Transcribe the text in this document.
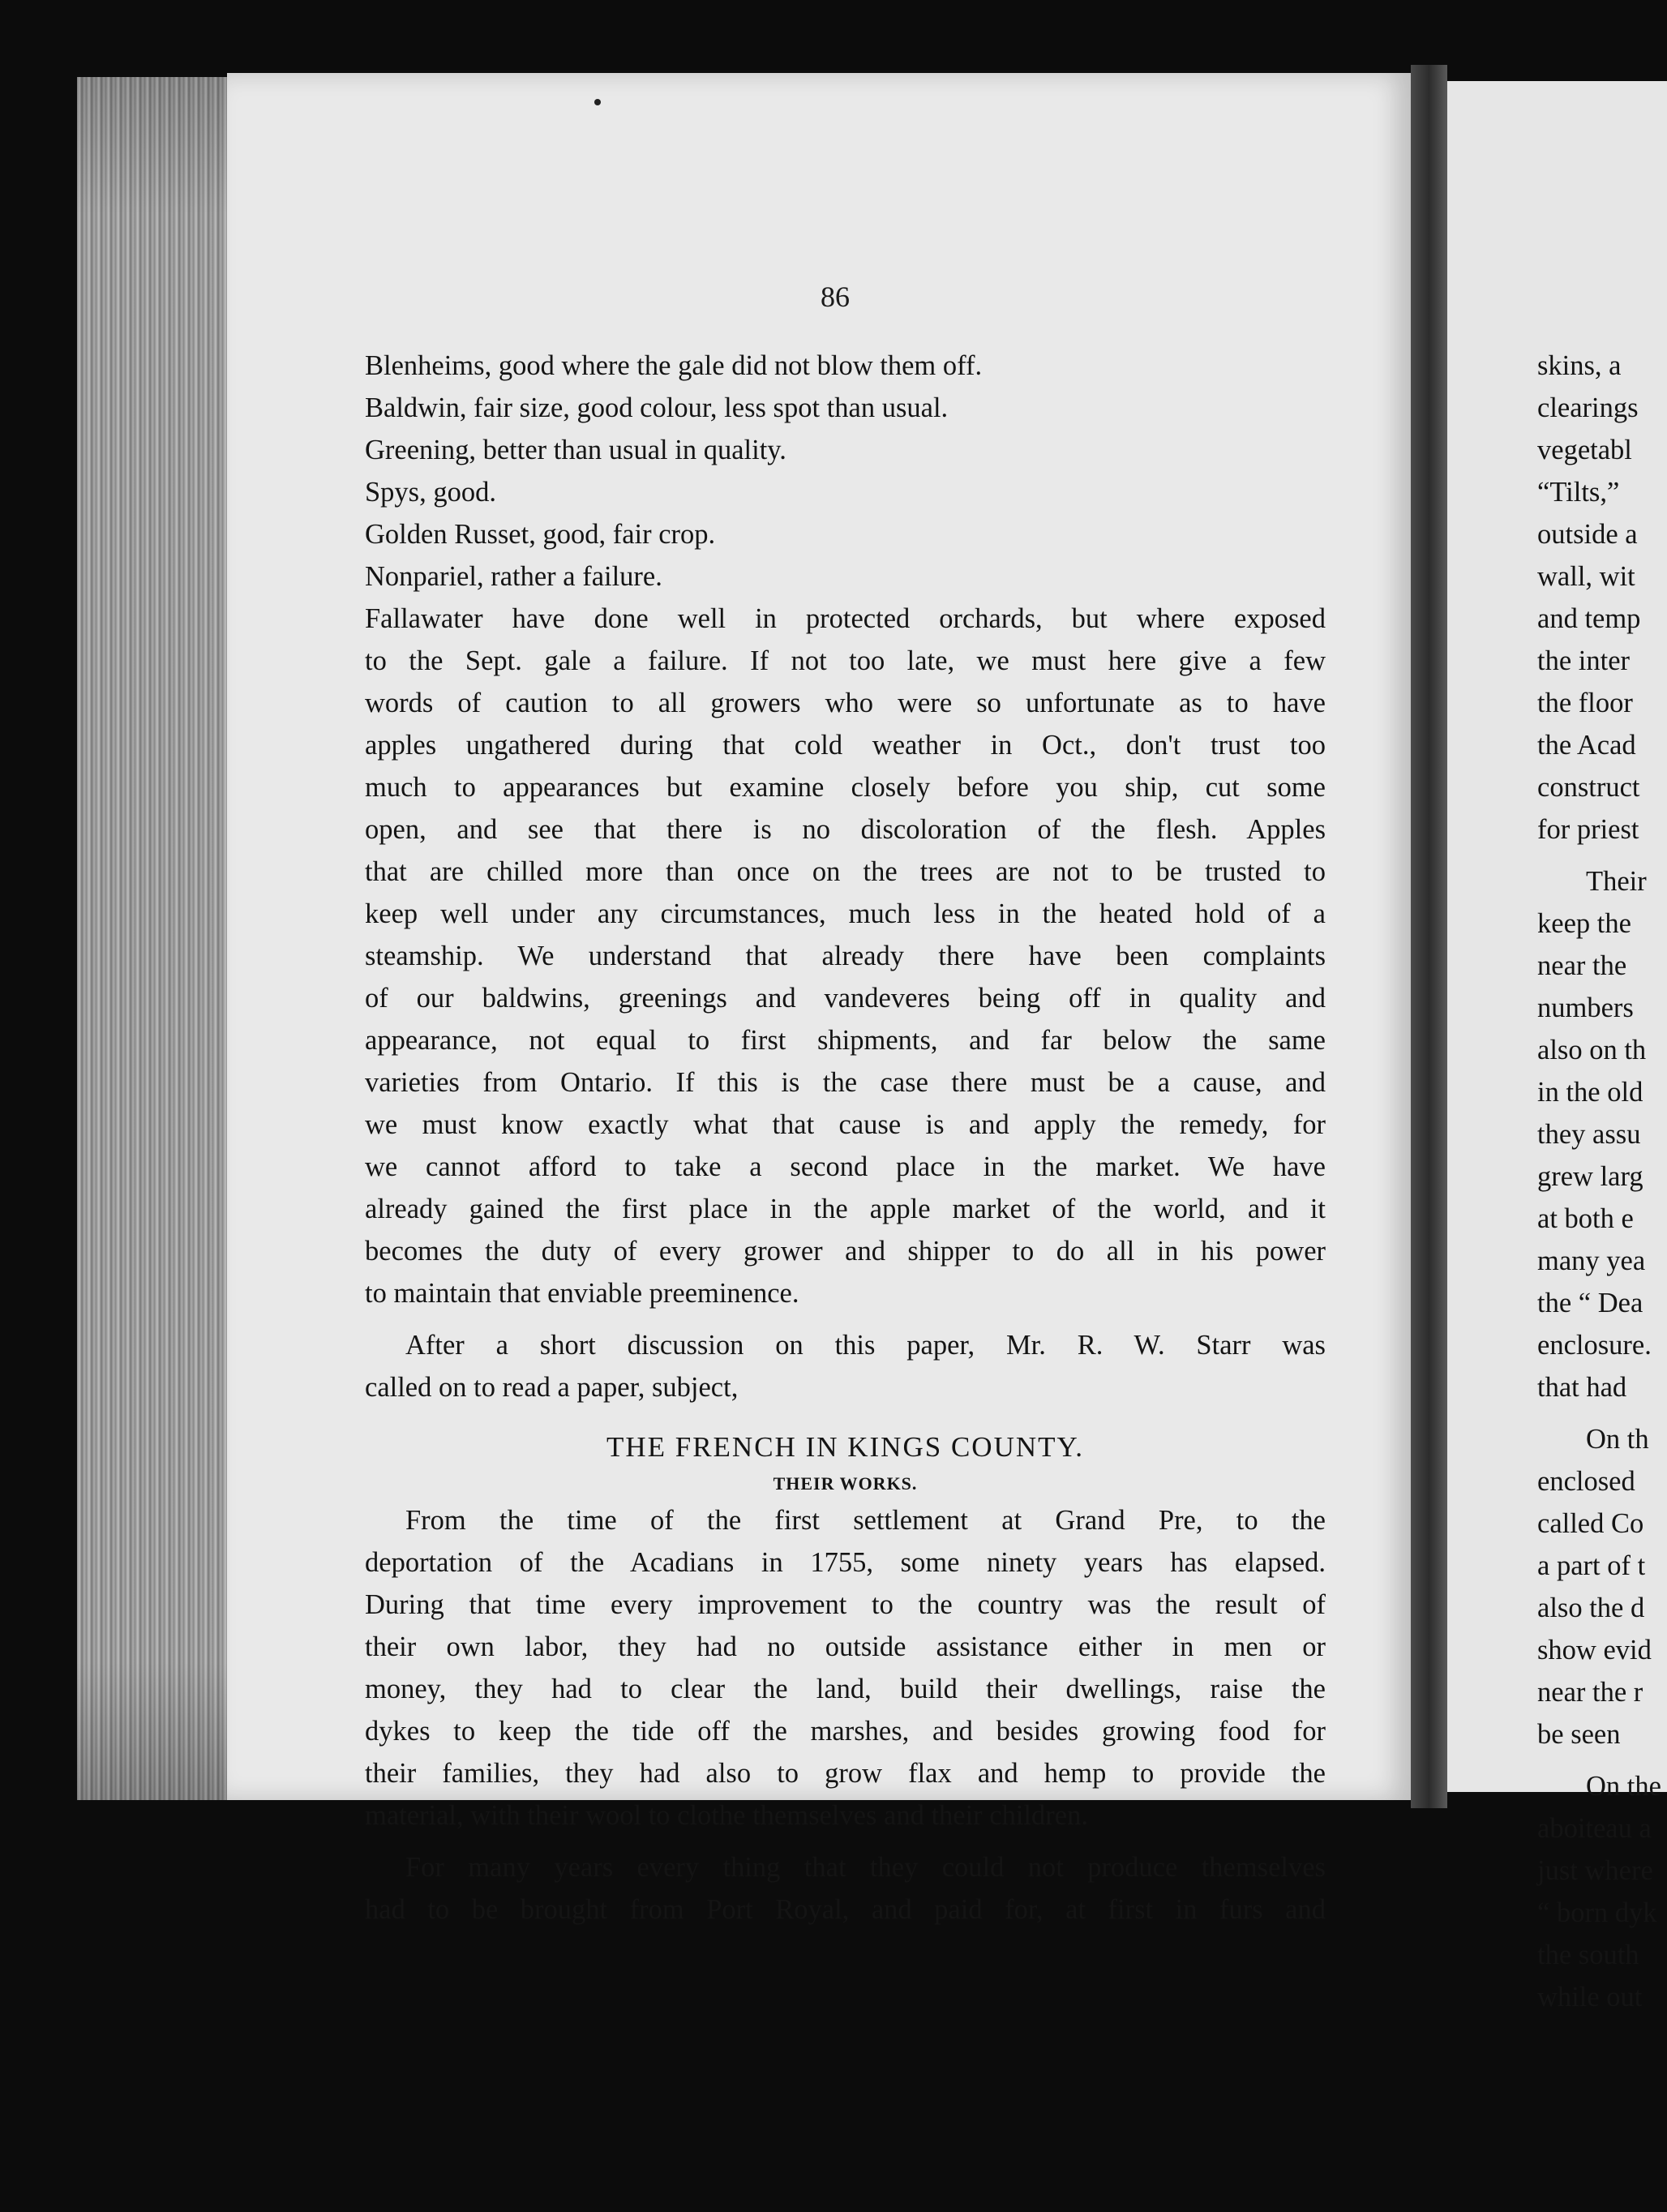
86
Blenheims, good where the gale did not blow them off.
Baldwin, fair size, good colour, less spot than usual.
Greening, better than usual in quality.
Spys, good.
Golden Russet, good, fair crop.
Nonpariel, rather a failure.
Fallawater have done well in protected orchards, but where exposed
to the Sept. gale a failure. If not too late, we must here give a few
words of caution to all growers who were so unfortunate as to have
apples ungathered during that cold weather in Oct., don't trust too
much to appearances but examine closely before you ship, cut some
open, and see that there is no discoloration of the flesh. Apples
that are chilled more than once on the trees are not to be trusted to
keep well under any circumstances, much less in the heated hold of a
steamship. We understand that already there have been complaints
of our baldwins, greenings and vandeveres being off in quality and
appearance, not equal to first shipments, and far below the same
varieties from Ontario. If this is the case there must be a cause, and
we must know exactly what that cause is and apply the remedy, for
we cannot afford to take a second place in the market. We have
already gained the first place in the apple market of the world, and it
becomes the duty of every grower and shipper to do all in his power
to maintain that enviable preeminence.
After a short discussion on this paper, Mr. R. W. Starr was
called on to read a paper, subject,
THE FRENCH IN KINGS COUNTY.
THEIR WORKS.
From the time of the first settlement at Grand Pre, to the
deportation of the Acadians in 1755, some ninety years has elapsed.
During that time every improvement to the country was the result of
their own labor, they had no outside assistance either in men or
money, they had to clear the land, build their dwellings, raise the
dykes to keep the tide off the marshes, and besides growing food for
their families, they had also to grow flax and hemp to provide the
material, with their wool to clothe themselves and their children.
For many years every thing that they could not produce themselves
had to be brought from Port Royal, and paid for, at first in furs and
skins, a
clearings
vegetabl
“Tilts,”
outside a
wall, wit
and temp
the inter
the floor
the Acad
construct
for priest
Their
keep the
near the
numbers
also on th
in the old
they assu
grew larg
at both e
many yea
the “ Dea
enclosure.
that had
On th
enclosed
called Co
a part of t
also the d
show evid
near the r
be seen
On the
aboiteau a
just where
“ born dyk
the south
while out
